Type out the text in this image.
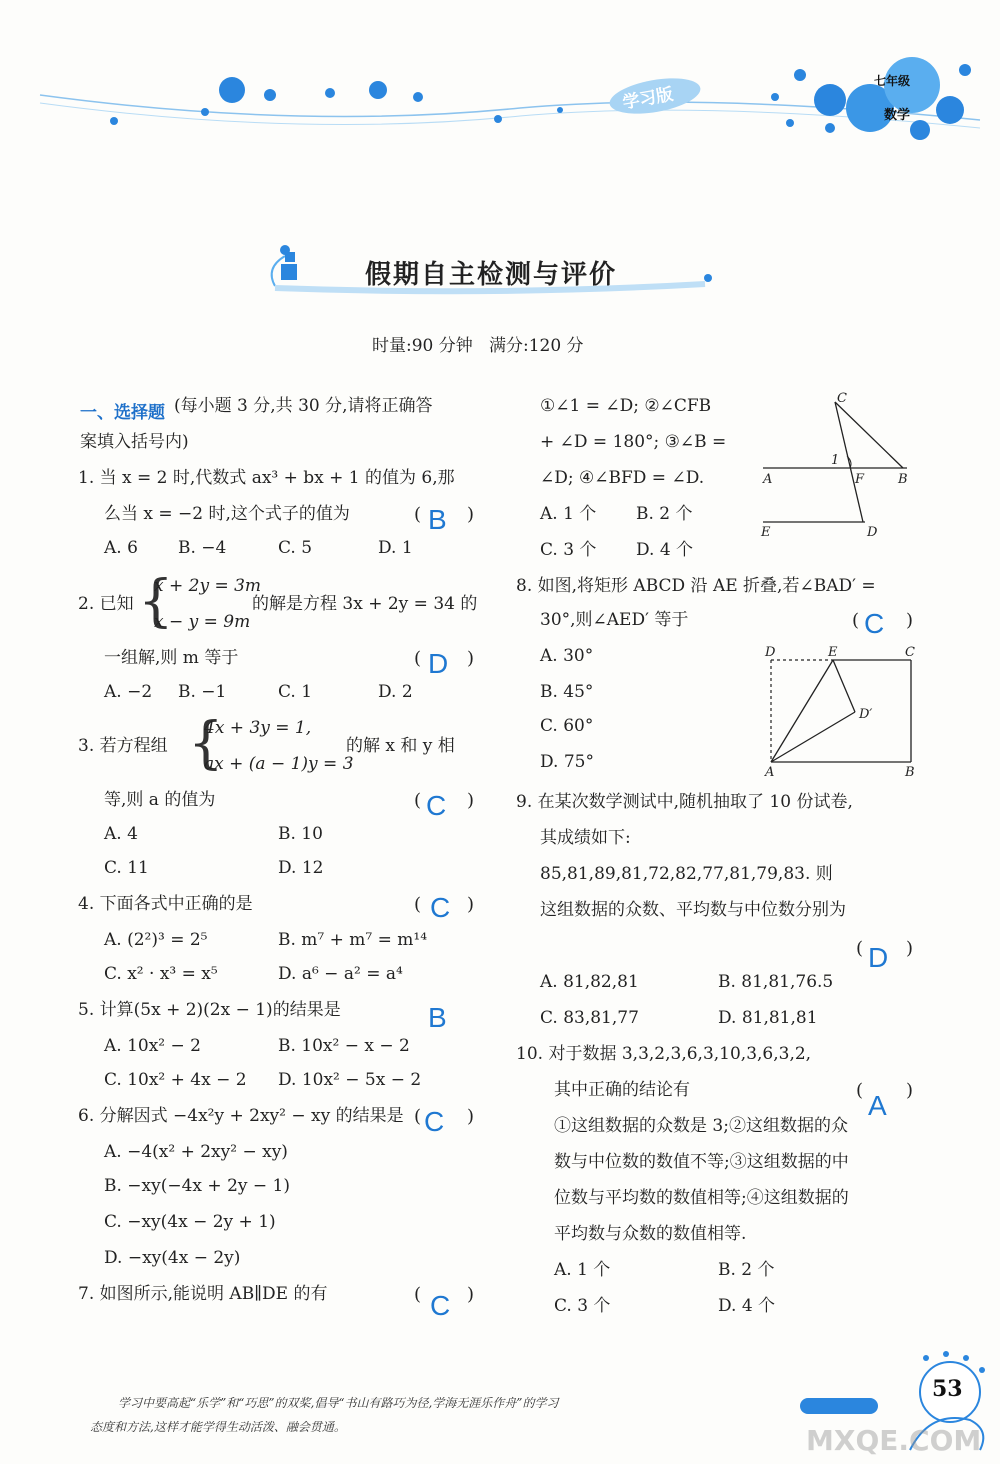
学习版
七年级
数学
假期自主检测与评价
时量:90 分钟   满分:120 分
一、选择题 (每小题 3 分,共 30 分,请将正确答
案填入括号内)
1. 当 x = 2 时,代数式 ax³ + bx + 1 的值为 6,那
么当 x = −2 时,这个式子的值为	( B )
A. 6 B. −4	C. 5	D. 1
2. 已知 {
x + 2y = 3m
x − y = 9m
的解是方程 3x + 2y = 34 的
一组解,则 m 等于	( D )
A. −2 B. −1	C. 1	D. 2
3. 若方程组 {
4x + 3y = 1,
ax + (a − 1)y = 3
的解 x 和 y 相
等,则 a 的值为	( C )
A. 4	B. 10
C. 11	D. 12
4. 下面各式中正确的是	( C )
A. (2²)³ = 2⁵	B. m⁷ + m⁷ = m¹⁴
C. x² · x³ = x⁵	D. a⁶ − a² = a⁴
5. 计算(5x + 2)(2x − 1)的结果是	B
A. 10x² − 2	B. 10x² − x − 2
C. 10x² + 4x − 2 D. 10x² − 5x − 2
6. 分解因式 −4x²y + 2xy² − xy 的结果是 ( C )
A. −4(x² + 2xy² − xy)
B. −xy(−4x + 2y − 1)
C. −xy(4x − 2y + 1)
D. −xy(4x − 2y)
7. 如图所示,能说明 AB∥DE 的有	( C )
①∠1 = ∠D; ②∠CFB
+ ∠D = 180°; ③∠B =
∠D; ④∠BFD = ∠D.
A. 1 个 B. 2 个
C. 3 个 D. 4 个
C
1
A	F	B
E	D
8. 如图,将矩形 ABCD 沿 AE 折叠,若∠BAD′ =
30°,则∠AED′ 等于	( C )
A. 30°
B. 45°
C. 60°
D. 75°
D	E	C
D′
A	B
9. 在某次数学测试中,随机抽取了 10 份试卷,
其成绩如下:
85,81,89,81,72,82,77,81,79,83. 则
这组数据的众数、平均数与中位数分别为
( D )
A. 81,82,81	B. 81,81,76.5
C. 83,81,77	D. 81,81,81
10. 对于数据 3,3,2,3,6,3,10,3,6,3,2,
其中正确的结论有	( A )
①这组数据的众数是 3;②这组数据的众
数与中位数的数值不等;③这组数据的中
位数与平均数的数值相等;④这组数据的
平均数与众数的数值相等.
A. 1 个	B. 2 个
C. 3 个	D. 4 个
学习中要高起“乐学”和“巧思”的双桨,倡导“书山有路巧为径,学海无涯乐作舟”的学习
态度和方法,这样才能学得生动活泼、融会贯通。
53
MXQE.COM
